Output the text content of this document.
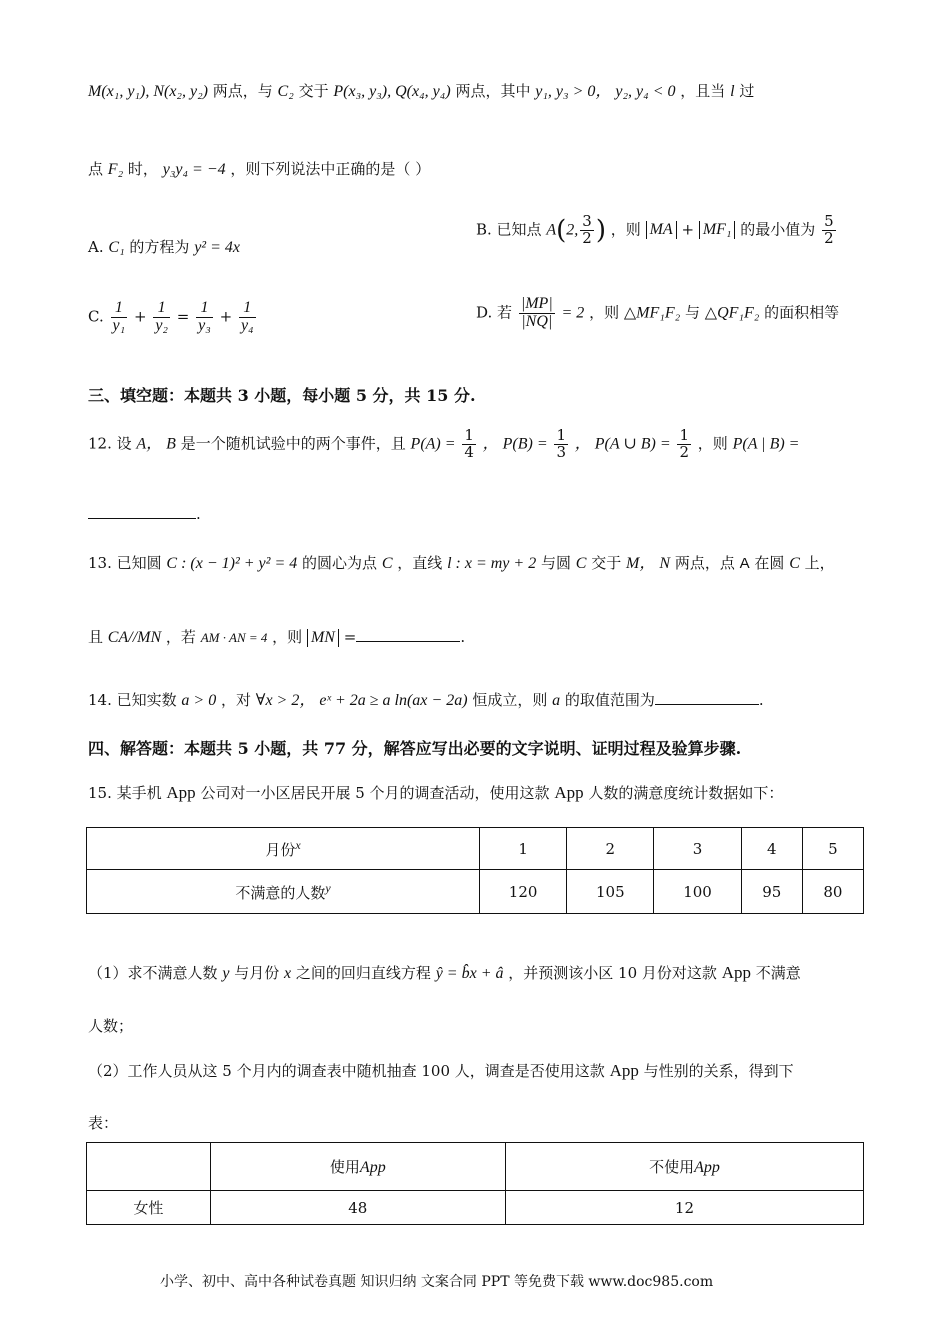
M(x₁, y₁), N(x₂, y₂) 两点，与 C₂ 交于 P(x₃, y₃), Q(x₄, y₄) 两点，其中 y₁, y₃ > 0， y₂, y₄ < 0 ，且当 l 过
点 F₂ 时， y₃y₄ = −4 ，则下列说法中正确的是（ ）
A. C₁ 的方程为 y² = 4x
B. 已知点 A(2, $\frac{3}{2}$ ) ，则 MA + MF₁ 的最小值为 $\frac{5}{2}$
C. $\frac{1}{\text{y₁}} + \frac{1}{\text{y₂}} = \frac{1}{\text{y₃}} + \frac{1}{\text{y₄}}$	D. 若 $\frac{|MP|}{|NQ|} = 2$ ，则 △MF₁F₂ 与 △QF₁F₂ 的面积相等
三、填空题：本题共 3 小题，每小题 5 分，共 15 分.
12. 设 A， B 是一个随机试验中的两个事件，且 $P(A) = \frac{1}{4}$ ， $P(B) = \frac{1}{3}$ ， P(A ∪ $B) = \frac{1}{2}$ ，则 P(A | B) =
.
13. 已知圆 C : (x − 1)² + y² = 4 的圆心为点 C ，直线 l : x = my + 2 与圆 C 交于 M， N 两点，点 A 在圆 C 上，
且 CA//MN ，若 AM · AN = 4 ，则 MN =	.
14. 已知实数 a > 0 ，对 ∀x > 2， eˣ + 2a ≥ a ln(ax − 2a) 恒成立，则 a 的取值范围为	.
四、解答题：本题共 5 小题，共 77 分，解答应写出必要的文字说明、证明过程及验算步骤.
15. 某手机 App 公司对一小区居民开展 5 个月的调查活动，使用这款 App 人数的满意度统计数据如下：
月份$^x$	1	2	3	4	5
不满意的人数$^y$	120	105	100	95	80
（1）求不满意人数 y 与月份 x 之间的回归直线方程 ŷ = b̂x + â ，并预测该小区 10 月份对这款 App 不满意
人数；
（2）工作人员从这 5 个月内的调查表中随机抽查 100 人，调查是否使用这款 App 与性别的关系，得到下
表：
	使用App	不使用App
女性	48	12
小学、初中、高中各种试卷真题 知识归纳 文案合同 PPT 等免费下载 www.doc985.com
